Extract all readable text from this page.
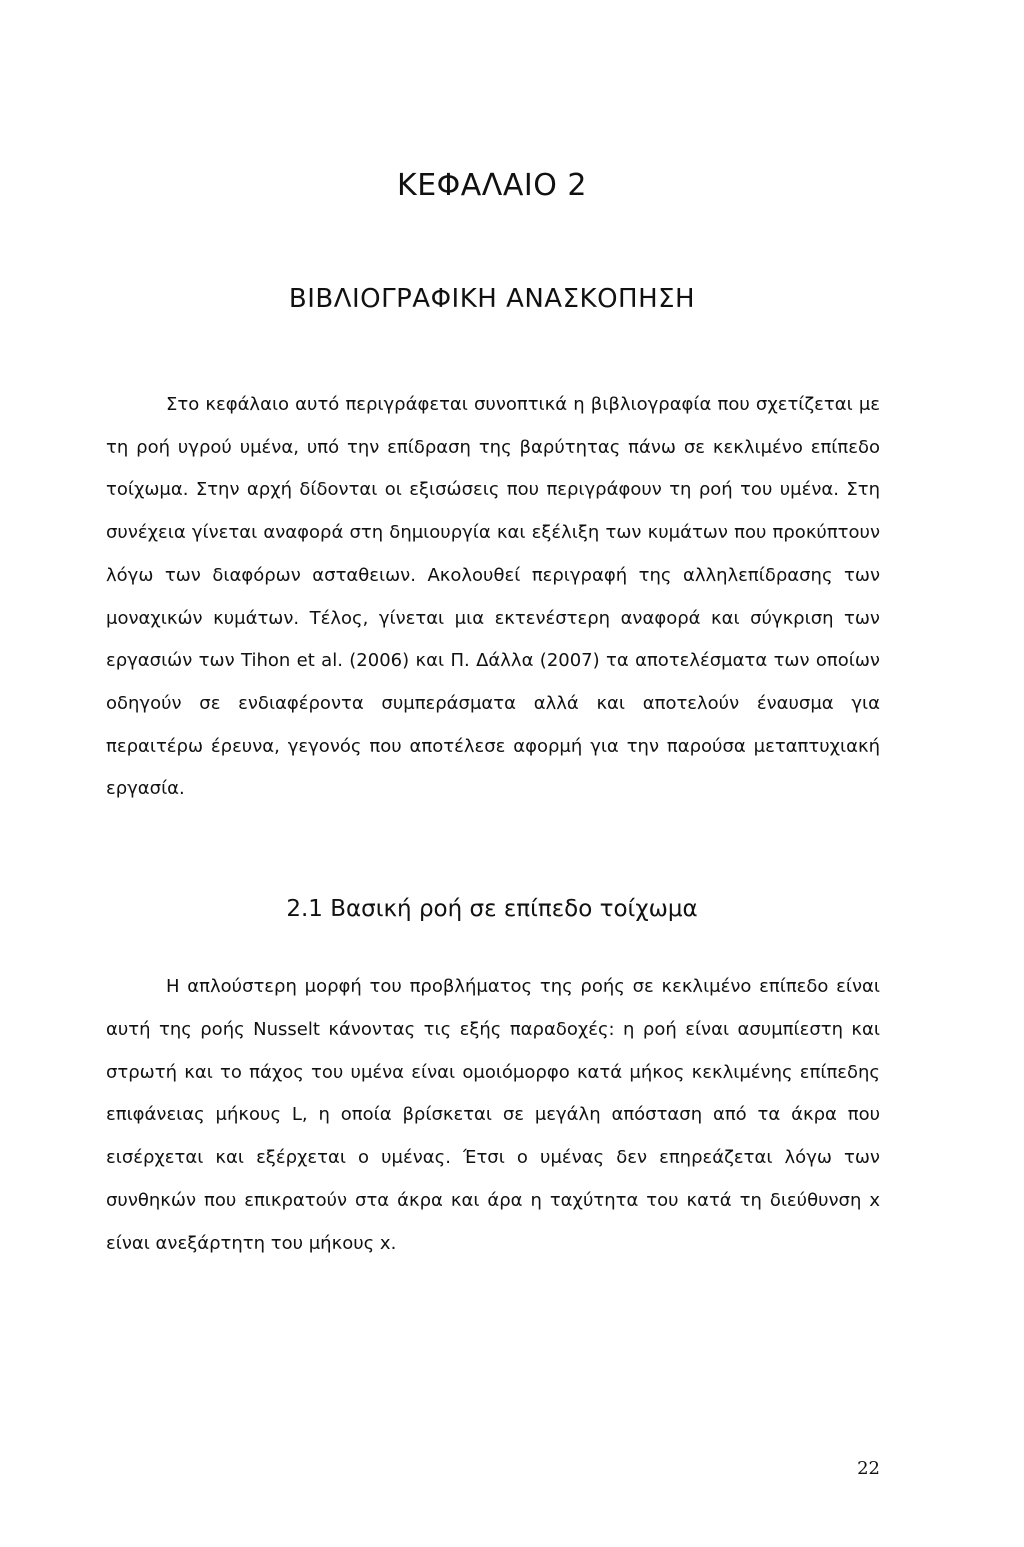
ΚΕΦΑΛΑΙΟ 2
ΒΙΒΛΙΟΓΡΑΦΙΚΗ ΑΝΑΣΚΟΠΗΣΗ

Στο κεφάλαιο αυτό περιγράφεται συνοπτικά η βιβλιογραφία που σχετίζεται με τη ροή υγρού υμένα, υπό την επίδραση της βαρύτητας πάνω σε κεκλιμένο επίπεδο τοίχωμα. Στην αρχή δίδονται οι εξισώσεις που περιγράφουν τη ροή του υμένα. Στη συνέχεια γίνεται αναφορά στη δημιουργία και εξέλιξη των κυμάτων που προκύπτουν λόγω των διαφόρων ασταθειων. Ακολουθεί περιγραφή της αλληλεπίδρασης των μοναχικών κυμάτων. Τέλος, γίνεται μια εκτενέστερη αναφορά και σύγκριση των εργασιών των Tihon et al. (2006) και Π. Δάλλα (2007) τα αποτελέσματα των οποίων οδηγούν σε ενδιαφέροντα συμπεράσματα αλλά και αποτελούν έναυσμα για περαιτέρω έρευνα, γεγονός που αποτέλεσε αφορμή για την παρούσα μεταπτυχιακή εργασία.

2.1 Βασική ροή σε επίπεδο τοίχωμα

Η απλούστερη μορφή του προβλήματος της ροής σε κεκλιμένο επίπεδο είναι αυτή της ροής Nusselt κάνοντας τις εξής παραδοχές: η ροή είναι ασυμπίεστη και στρωτή και το πάχος του υμένα είναι ομοιόμορφο κατά μήκος κεκλιμένης επίπεδης επιφάνειας μήκους L, η οποία βρίσκεται σε μεγάλη απόσταση από τα άκρα που εισέρχεται και εξέρχεται ο υμένας. Έτσι ο υμένας δεν επηρεάζεται λόγω των συνθηκών που επικρατούν στα άκρα και άρα η ταχύτητα του κατά τη διεύθυνση x είναι ανεξάρτητη του μήκους x.

22
